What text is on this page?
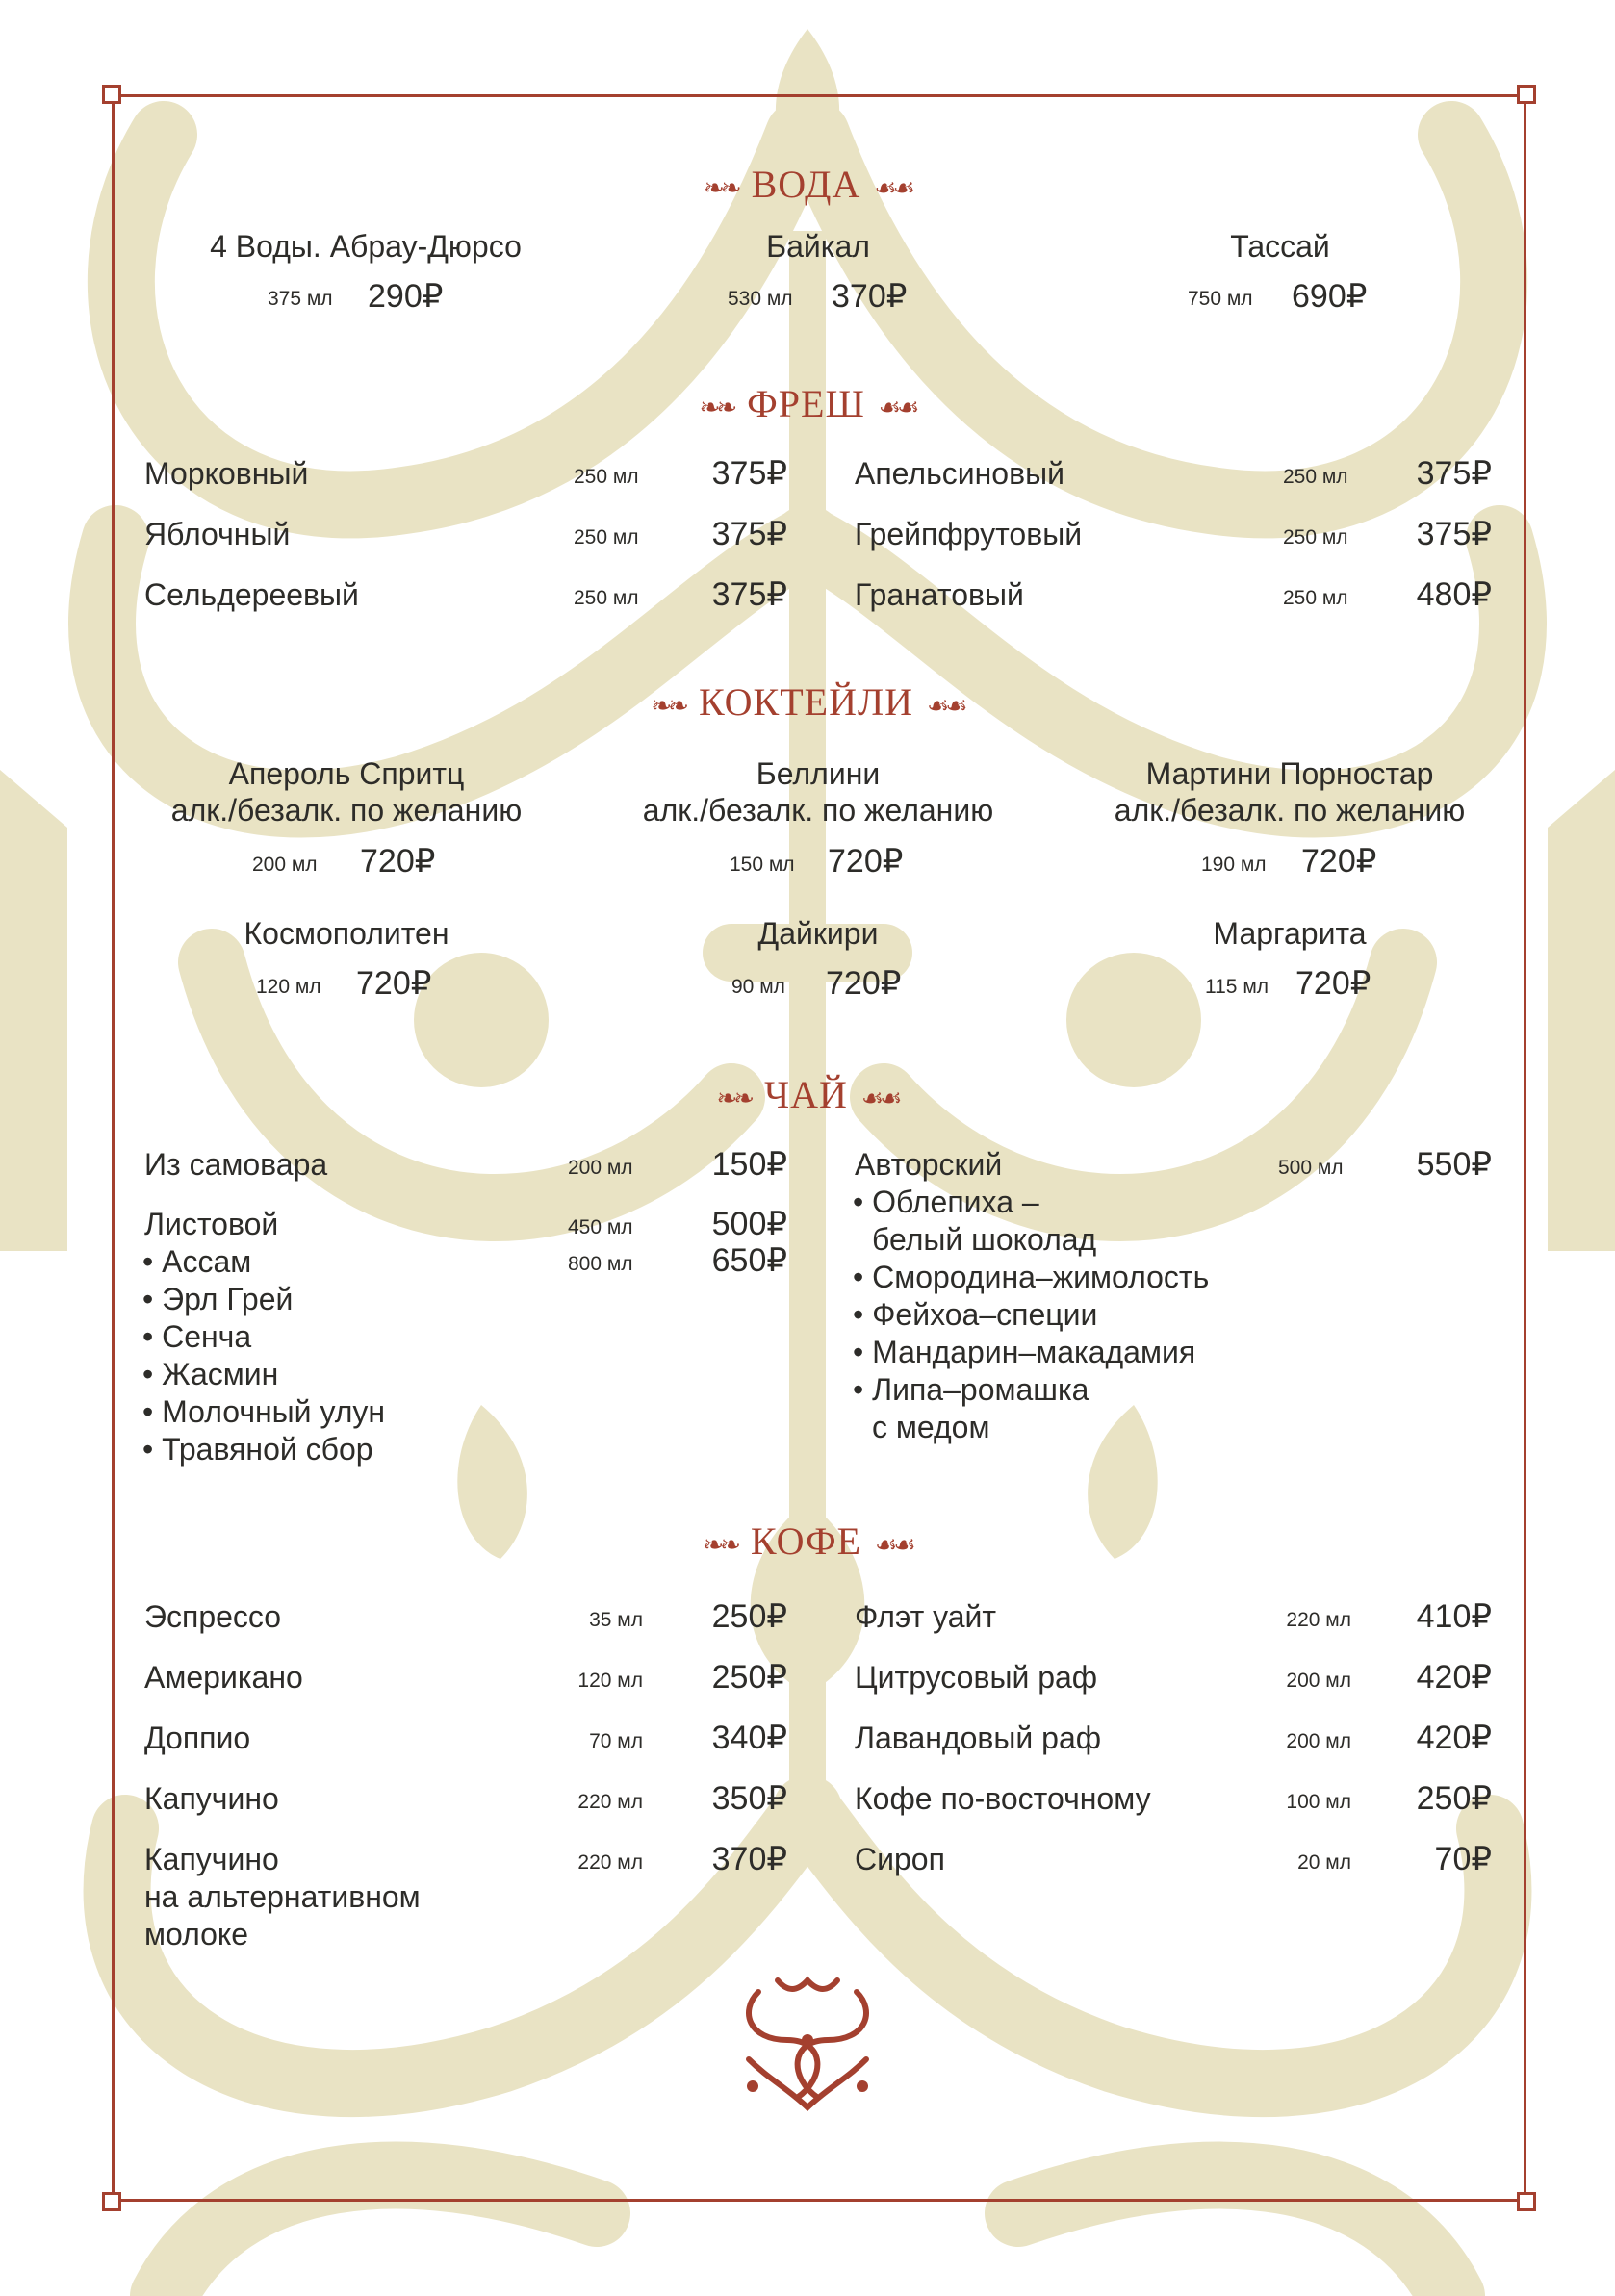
❧❧ ВОДА ☙☙
4 Воды. Абрау-Дюрсо
375 мл 290₽
Байкал
530 мл 370₽
Тассай
750 мл 690₽
❧❧ ФРЕШ ☙☙
Морковный	250 мл	375₽
Яблочный	250 мл	375₽
Сельдереевый	250 мл	375₽
Апельсиновый	250 мл	375₽
Грейпфрутовый	250 мл	375₽
Гранатовый	250 мл	480₽
❧❧ КОКТЕЙЛИ ☙☙
Апероль Спритц
алк./безалк. по желанию
200 мл 720₽
Беллини
алк./безалк. по желанию
150 мл 720₽
Мартини Порностар
алк./безалк. по желанию
190 мл 720₽
Космополитен
120 мл 720₽
Дайкири
90 мл 720₽
Маргарита
115 мл 720₽
❧❧ ЧАЙ ☙☙
Из самовара	200 мл	150₽
Листовой	450 мл	500₽
800 мл	650₽
• Ассам
• Эрл Грей
• Сенча
• Жасмин
• Молочный улун
• Травяной сбор
Авторский	500 мл	550₽
• Облепиха –
белый шоколад
• Смородина–жимолость
• Фейхоа–специи
• Мандарин–макадамия
• Липа–ромашка
с медом
❧❧ КОФЕ ☙☙
Эспрессо	35 мл	250₽
Американо	120 мл	250₽
Доппио	70 мл	340₽
Капучино	220 мл	350₽
Капучино
на альтернативном
молоке
220 мл	370₽
Флэт уайт	220 мл	410₽
Цитрусовый раф	200 мл	420₽
Лавандовый раф	200 мл	420₽
Кофе по-восточному	100 мл	250₽
Сироп	20 мл	70₽
